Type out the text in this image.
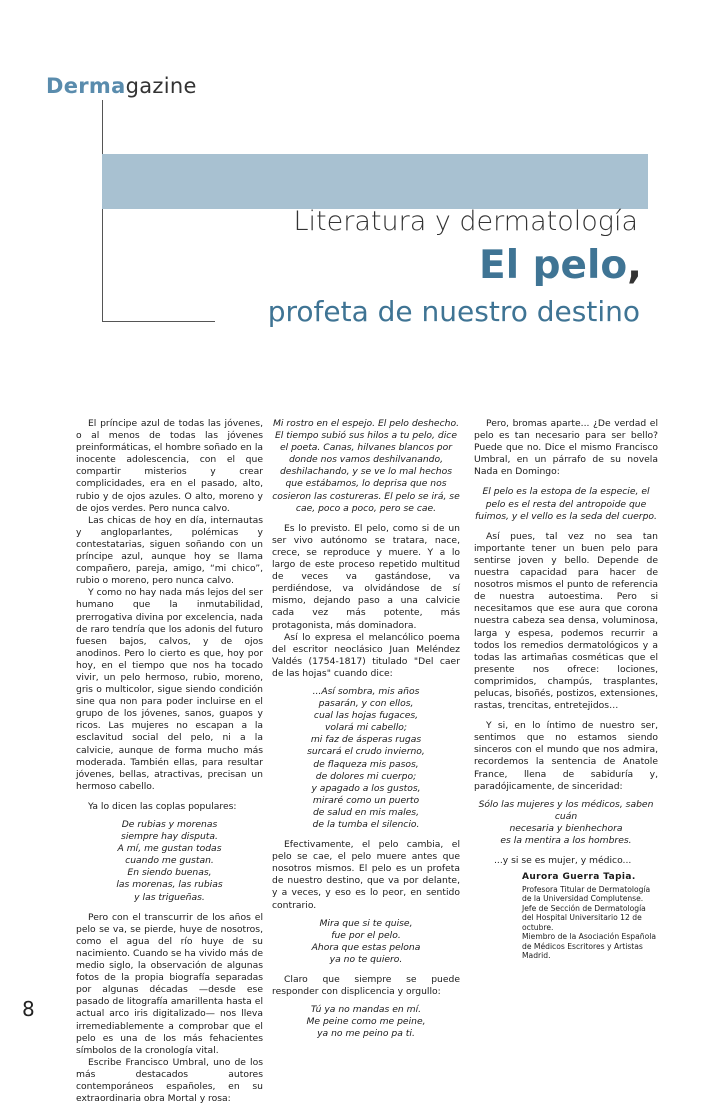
Dermagazine
Literatura y dermatología
El pelo,
profeta de nuestro destino

El príncipe azul de todas las jóvenes, o al menos de todas las jóvenes preinformáticas, el hombre soñado en la inocente adolescencia, con el que compartir misterios y crear complicidades, era en el pasado, alto, rubio y de ojos azules. O alto, moreno y de ojos verdes. Pero nunca calvo.

Las chicas de hoy en día, internautas y angloparlantes, polémicas y contestatarias, siguen soñando con un príncipe azul, aunque hoy se llama compañero, pareja, amigo, “mi chico”, rubio o moreno, pero nunca calvo.

Y como no hay nada más lejos del ser humano que la inmutabilidad, prerrogativa divina por excelencia, nada de raro tendría que los adonis del futuro fuesen bajos, calvos, y de ojos anodinos. Pero lo cierto es que, hoy por hoy, en el tiempo que nos ha tocado vivir, un pelo hermoso, rubio, moreno, gris o multicolor, sigue siendo condición sine qua non para poder incluirse en el grupo de los jóvenes, sanos, guapos y ricos. Las mujeres no escapan a la esclavitud social del pelo, ni a la calvicie, aunque de forma mucho más moderada. También ellas, para resultar jóvenes, bellas, atractivas, precisan un hermoso cabello.

Ya lo dicen las coplas populares:

De rubias y morenas
siempre hay disputa.
A mí, me gustan todas
cuando me gustan.
En siendo buenas,
las morenas, las rubias
y las trigueñas.

Pero con el transcurrir de los años el pelo se va, se pierde, huye de nosotros, como el agua del río huye de su nacimiento. Cuando se ha vivido más de medio siglo, la observación de algunas fotos de la propia biografía separadas por algunas décadas —desde ese pasado de litografía amarillenta hasta el actual arco iris digitalizado— nos lleva irremediablemente a comprobar que el pelo es una de los más fehacientes símbolos de la cronología vital.

Escribe Francisco Umbral, uno de los más destacados autores contemporáneos españoles, en su extraordinaria obra Mortal y rosa:

Mi rostro en el espejo. El pelo deshecho. El tiempo subió sus hilos a tu pelo, dice el poeta. Canas, hilvanes blancos por donde nos vamos deshilvanando, deshilachando, y se ve lo mal hechos que estábamos, lo deprisa que nos cosieron las costureras. El pelo se irá, se cae, poco a poco, pero se cae.

Es lo previsto. El pelo, como si de un ser vivo autónomo se tratara, nace, crece, se reproduce y muere. Y a lo largo de este proceso repetido multitud de veces va gastándose, va perdiéndose, va olvidándose de sí mismo, dejando paso a una calvicie cada vez más potente, más protagonista, más dominadora.

Así lo expresa el melancólico poema del escritor neoclásico Juan Meléndez Valdés (1754-1817) titulado "Del caer de las hojas" cuando dice:

...Así sombra, mis años
pasarán, y con ellos,
cual las hojas fugaces,
volará mi cabello;
mi faz de ásperas rugas
surcará el crudo invierno,
de flaqueza mis pasos,
de dolores mi cuerpo;
y apagado a los gustos,
miraré como un puerto
de salud en mis males,
de la tumba el silencio.

Efectivamente, el pelo cambia, el pelo se cae, el pelo muere antes que nosotros mismos. El pelo es un profeta de nuestro destino, que va por delante, y a veces, y eso es lo peor, en sentido contrario.

Mira que si te quise,
fue por el pelo.
Ahora que estas pelona
ya no te quiero.

Claro que siempre se puede responder con displicencia y orgullo:

Tú ya no mandas en mí.
Me peine como me peine,
ya no me peino pa ti.

Pero, bromas aparte... ¿De verdad el pelo es tan necesario para ser bello? Puede que no. Dice el mismo Francisco Umbral, en un párrafo de su novela Nada en Domingo:

El pelo es la estopa de la especie, el pelo es el resta del antropoide que fuimos, y el vello es la seda del cuerpo.

Así pues, tal vez no sea tan importante tener un buen pelo para sentirse joven y bello. Depende de nuestra capacidad para hacer de nosotros mismos el punto de referencia de nuestra autoestima. Pero si necesitamos que ese aura que corona nuestra cabeza sea densa, voluminosa, larga y espesa, podemos recurrir a todos los remedios dermatológicos y a todas las artimañas cosméticas que el presente nos ofrece: lociones, comprimidos, champús, trasplantes, pelucas, bisoñés, postizos, extensiones, rastas, trencitas, entretejidos…

Y si, en lo íntimo de nuestro ser, sentimos que no estamos siendo sinceros con el mundo que nos admira, recordemos la sentencia de Anatole France, llena de sabiduría y, paradójicamente, de sinceridad:

Sólo las mujeres y los médicos, saben cuán
necesaria y bienhechora
es la mentira a los hombres.

...y si se es mujer, y médico...

Aurora Guerra Tapia.
Profesora Titular de Dermatología
de la Universidad Complutense.
Jefe de Sección de Dermatología
del Hospital Universitario 12 de octubre.
Miembro de la Asociación Española
de Médicos Escritores y Artistas Madrid.
8
